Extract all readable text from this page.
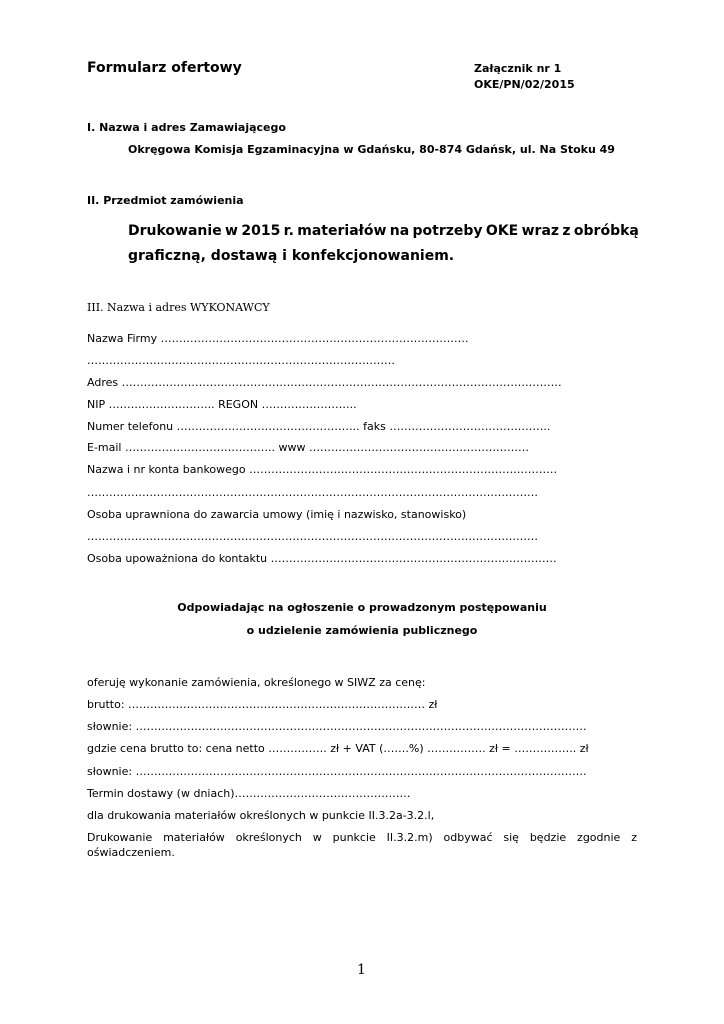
Formularz ofertowy	Załącznik nr 1
OKE/PN/02/2015
I. Nazwa i adres Zamawiającego
Okręgowa Komisja Egzaminacyjna w Gdańsku, 80-874 Gdańsk, ul. Na Stoku 49
II. Przedmiot zamówienia
Drukowanie w 2015 r. materiałów na potrzeby OKE wraz z obróbką
graficzną, dostawą i konfekcjonowaniem.
III. Nazwa i adres WYKONAWCY
Nazwa Firmy …………………………………………………………………………
…………………………………………………………………………
Adres …………………………………………………………………………………………………………
NIP ……………………….. REGON ……………………..
Numer telefonu ………………………………………….. faks ……………………………………..
E-mail ………………………………….. www ……………………………………………………
Nazwa i nr konta bankowego …………………………………………………………………………
……………………………………………………………………………………………………………
Osoba uprawniona do zawarcia umowy (imię i nazwisko, stanowisko)
……………………………………………………………………………………………………………
Osoba upoważniona do kontaktu ……………………………………………………………………
Odpowiadając na ogłoszenie o prowadzonym postępowaniu
o udzielenie zamówienia publicznego
oferuję wykonanie zamówienia, określonego w SIWZ za cenę:
brutto: ……………………………………………………………………… zł
słownie: ……………………………………………………………………………………………………………
gdzie cena brutto to: cena netto ……………. zł + VAT (…….%) ……………. zł = …………….. zł
słownie: ……………………………………………………………………………………………………………
Termin dostawy (w dniach)…………………………………………
dla drukowania materiałów określonych w punkcie II.3.2a-3.2.l,
Drukowanie materiałów określonych w punkcie II.3.2.m) odbywać się będzie zgodnie z
oświadczeniem.
1
